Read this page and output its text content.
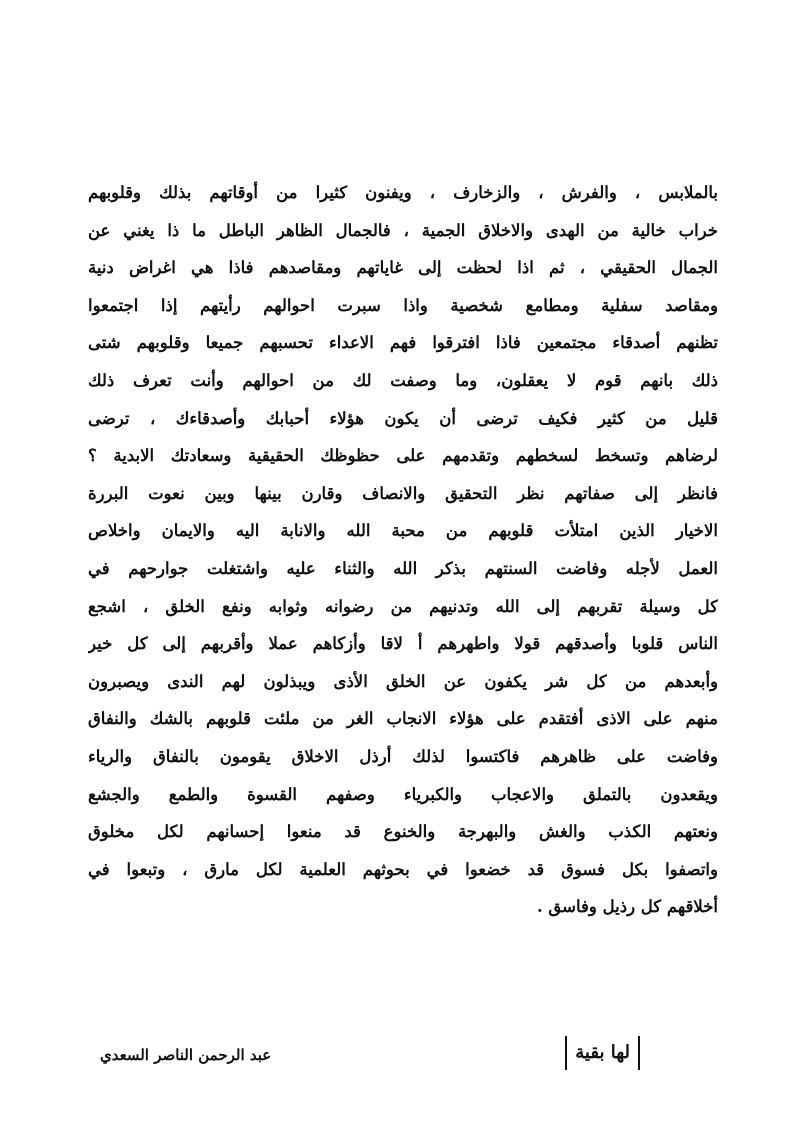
بالملابس ، والفرش ، والزخارف ، ويفنون كثيرا من أوقاتهم بذلك وقلوبهم
خراب خالية من الهدى والاخلاق الجمية ، فالجمال الظاهر الباطل ما ذا يغني عن
الجمال الحقيقي ، ثم اذا لحظت إلى غاياتهم ومقاصدهم فاذا هي اغراض دنية
ومقاصد سفلية ومطامع شخصية واذا سبرت احوالهم رأيتهم إذا اجتمعوا
تظنهم أصدقاء مجتمعين فاذا افترقوا فهم الاعداء تحسبهم جميعا وقلوبهم شتى
ذلك بانهم قوم لا يعقلون، وما وصفت لك من احوالهم وأنت تعرف ذلك
قليل من كثير فكيف ترضى أن يكون هؤلاء أحبابك وأصدقاءك ، ترضى
لرضاهم وتسخط لسخطهم وتقدمهم على حظوظك الحقيقية وسعادتك الابدية ؟
فانظر إلى صفاتهم نظر التحقيق والانصاف وقارن بينها وبين نعوت البررة
الاخيار الذين امتلأت قلوبهم من محبة الله والانابة اليه والايمان واخلاص
العمل لأجله وفاضت السنتهم بذكر الله والثناء عليه واشتغلت جوارحهم في
كل وسيلة تقربهم إلى الله وتدنيهم من رضوانه وثوابه ونفع الخلق ، اشجع
الناس قلوبا وأصدقهم قولا واطهرهم أ لاقا وأزكاهم عملا وأقربهم إلى كل خير
وأبعدهم من كل شر يكفون عن الخلق الأذى ويبذلون لهم الندى ويصبرون
منهم على الاذى أفتقدم على هؤلاء الانجاب الغر من ملئت قلوبهم بالشك والنفاق
وفاضت على ظاهرهم فاكتسوا لذلك أرذل الاخلاق يقومون بالنفاق والرياء
ويقعدون بالتملق والاعجاب والكبرياء وصفهم القسوة والطمع والجشع
ونعتهم الكذب والغش والبهرجة والخنوع قد منعوا إحسانهم لكل مخلوق
واتصفوا بكل فسوق قد خضعوا في بحوثهم العلمية لكل مارق ، وتبعوا في
أخلاقهم كل رذيل وفاسق .
لها بقية
عبد الرحمن الناصر السعدي
